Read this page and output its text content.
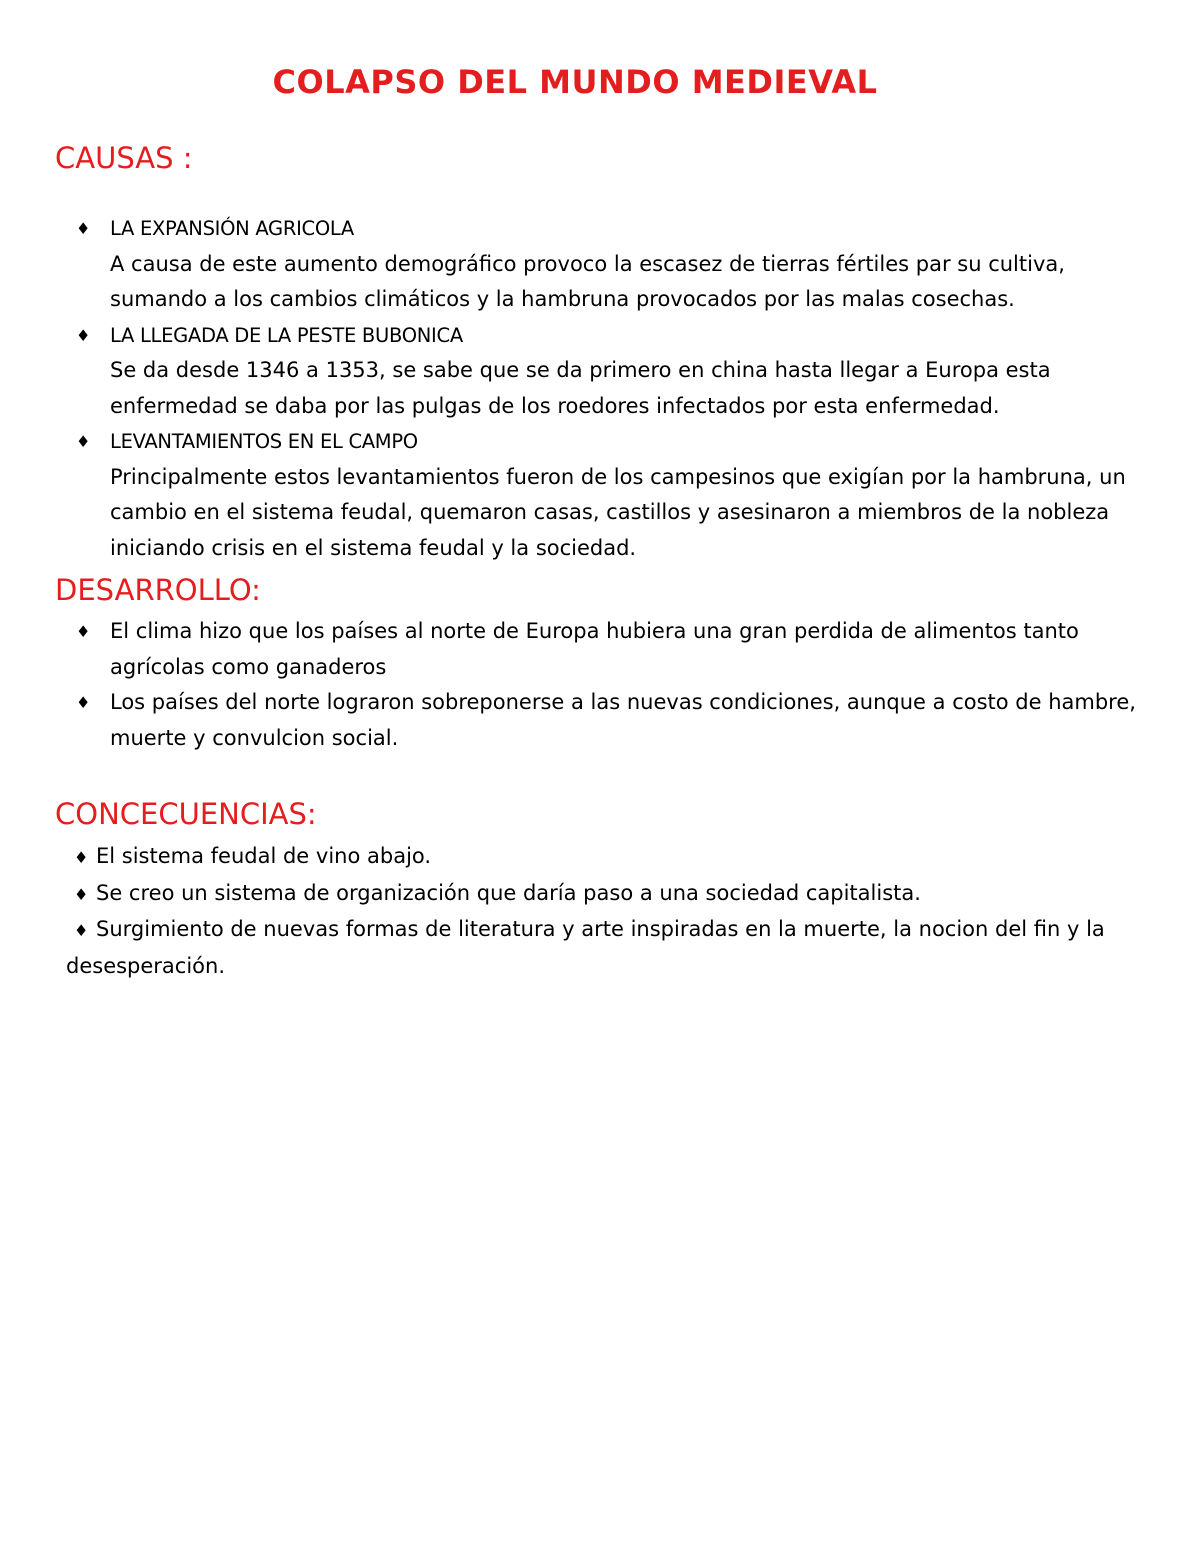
COLAPSO DEL MUNDO MEDIEVAL
CAUSAS :
♦ LA EXPANSIÓN AGRICOLA
A causa de este aumento demográfico provoco la escasez de tierras fértiles par su cultiva, sumando a los cambios climáticos y la hambruna provocados por las malas cosechas.
♦ LA LLEGADA DE LA PESTE BUBONICA
Se da desde 1346 a 1353, se sabe que se da primero en china hasta llegar a Europa esta enfermedad se daba por las pulgas de los roedores infectados por esta enfermedad.
♦ LEVANTAMIENTOS EN EL CAMPO
Principalmente estos levantamientos fueron de los campesinos que exigían por la hambruna, un cambio en el sistema feudal, quemaron casas, castillos y asesinaron a miembros de la nobleza iniciando crisis en el sistema feudal y la sociedad.
DESARROLLO:
♦ El clima hizo que los países al norte de Europa hubiera una gran perdida de alimentos tanto agrícolas como ganaderos
♦ Los países del norte lograron sobreponerse a las nuevas condiciones, aunque a costo de hambre, muerte y convulcion social.
CONCECUENCIAS:
♦ El sistema feudal de vino abajo.
♦ Se creo un sistema de organización que daría paso a una sociedad capitalista.
♦ Surgimiento de nuevas formas de literatura y arte inspiradas en la muerte, la nocion del fin y la desesperación.
